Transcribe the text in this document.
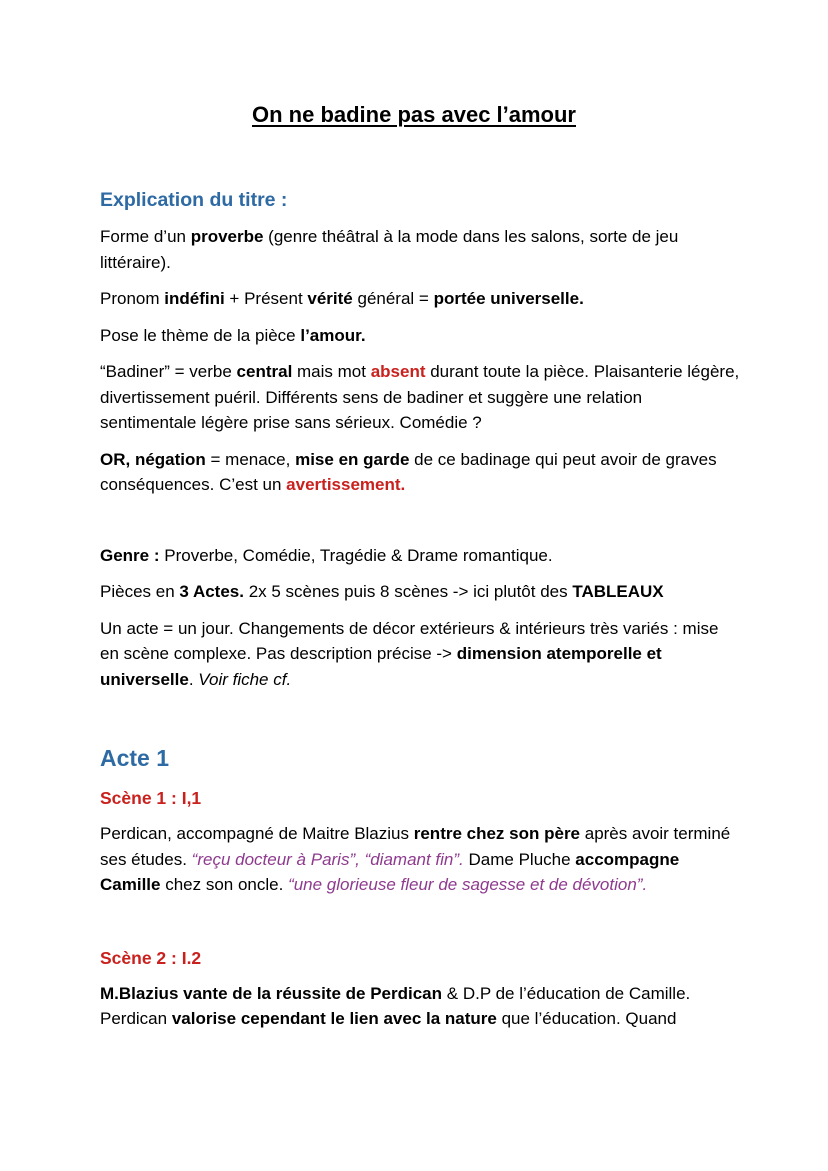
On ne badine pas avec l’amour
Explication du titre :

Forme d’un proverbe (genre théâtral à la mode dans les salons, sorte de jeu littéraire).

Pronom indéfini + Présent vérité général = portée universelle.

Pose le thème de la pièce l’amour.

“Badiner” = verbe central mais mot absent durant toute la pièce. Plaisanterie légère, divertissement puéril. Différents sens de badiner et suggère une relation sentimentale légère prise sans sérieux. Comédie ?

OR, négation = menace, mise en garde de ce badinage qui peut avoir de graves conséquences. C’est un avertissement.

Genre : Proverbe, Comédie, Tragédie & Drame romantique.

Pièces en 3 Actes. 2x 5 scènes puis 8 scènes -> ici plutôt des TABLEAUX

Un acte = un jour. Changements de décor extérieurs & intérieurs très variés : mise en scène complexe. Pas description précise -> dimension atemporelle et universelle. Voir fiche cf.

Acte 1
Scène 1 : I,1

Perdican, accompagné de Maitre Blazius rentre chez son père après avoir terminé ses études. “reçu docteur à Paris”, “diamant fin”. Dame Pluche accompagne Camille chez son oncle. “une glorieuse fleur de sagesse et de dévotion”.

Scène 2 : I.2

M.Blazius vante de la réussite de Perdican & D.P de l’éducation de Camille. Perdican valorise cependant le lien avec la nature que l’éducation. Quand
